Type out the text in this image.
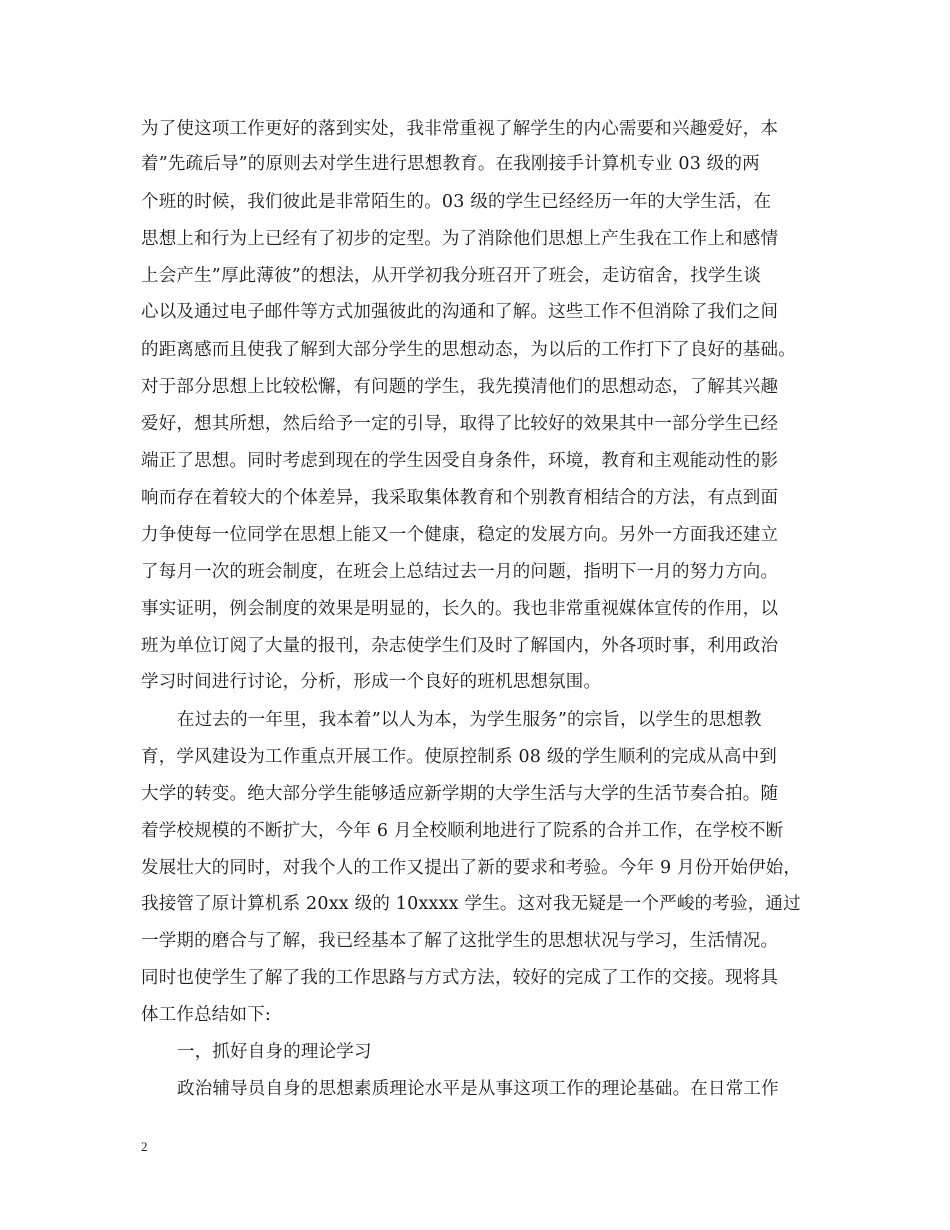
为了使这项工作更好的落到实处，我非常重视了解学生的内心需要和兴趣爱好，本
着”先疏后导”的原则去对学生进行思想教育。在我刚接手计算机专业 03 级的两
个班的时候，我们彼此是非常陌生的。03 级的学生已经经历一年的大学生活，在
思想上和行为上已经有了初步的定型。为了消除他们思想上产生我在工作上和感情
上会产生”厚此薄彼”的想法，从开学初我分班召开了班会，走访宿舍，找学生谈
心以及通过电子邮件等方式加强彼此的沟通和了解。这些工作不但消除了我们之间
的距离感而且使我了解到大部分学生的思想动态，为以后的工作打下了良好的基础。
对于部分思想上比较松懈，有问题的学生，我先摸清他们的思想动态，了解其兴趣
爱好，想其所想，然后给予一定的引导，取得了比较好的效果其中一部分学生已经
端正了思想。同时考虑到现在的学生因受自身条件，环境，教育和主观能动性的影
响而存在着较大的个体差异，我采取集体教育和个别教育相结合的方法，有点到面
力争使每一位同学在思想上能又一个健康，稳定的发展方向。另外一方面我还建立
了每月一次的班会制度，在班会上总结过去一月的问题，指明下一月的努力方向。
事实证明，例会制度的效果是明显的，长久的。我也非常重视媒体宣传的作用，以
班为单位订阅了大量的报刊，杂志使学生们及时了解国内，外各项时事，利用政治
学习时间进行讨论，分析，形成一个良好的班机思想氛围。
在过去的一年里，我本着”以人为本，为学生服务”的宗旨，以学生的思想教
育，学风建设为工作重点开展工作。使原控制系 08 级的学生顺利的完成从高中到
大学的转变。绝大部分学生能够适应新学期的大学生活与大学的生活节奏合拍。随
着学校规模的不断扩大，今年 6 月全校顺利地进行了院系的合并工作，在学校不断
发展壮大的同时，对我个人的工作又提出了新的要求和考验。今年 9 月份开始伊始，
我接管了原计算机系 20xx 级的 10xxxx 学生。这对我无疑是一个严峻的考验，通过
一学期的磨合与了解，我已经基本了解了这批学生的思想状况与学习，生活情况。
同时也使学生了解了我的工作思路与方式方法，较好的完成了工作的交接。现将具
体工作总结如下:
一，抓好自身的理论学习
政治辅导员自身的思想素质理论水平是从事这项工作的理论基础。在日常工作
2
